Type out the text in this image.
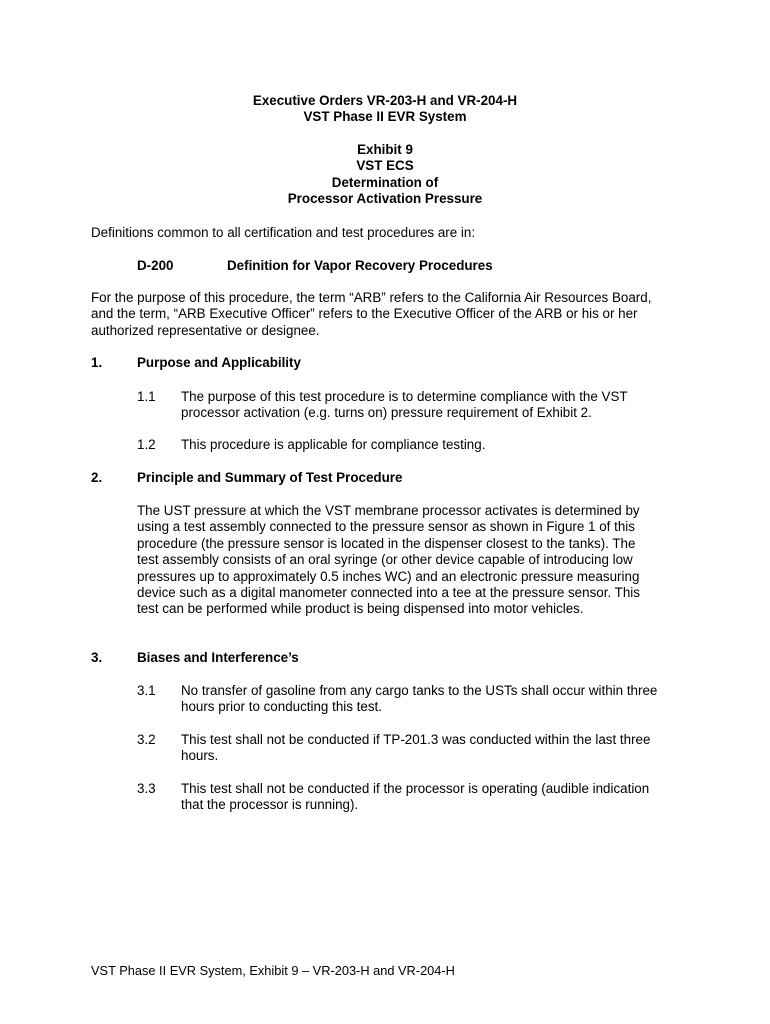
Executive Orders VR-203-H and VR-204-H
VST Phase II EVR System
Exhibit 9
VST ECS
Determination of
Processor Activation Pressure
Definitions common to all certification and test procedures are in:
D-200	Definition for Vapor Recovery Procedures
For the purpose of this procedure, the term “ARB” refers to the California Air Resources Board,
and the term, “ARB Executive Officer” refers to the Executive Officer of the ARB or his or her
authorized representative or designee.
1.	Purpose and Applicability
1.1 The purpose of this test procedure is to determine compliance with the VST
processor activation (e.g. turns on) pressure requirement of Exhibit 2.
1.2 This procedure is applicable for compliance testing.
2.	Principle and Summary of Test Procedure
The UST pressure at which the VST membrane processor activates is determined by
using a test assembly connected to the pressure sensor as shown in Figure 1 of this
procedure (the pressure sensor is located in the dispenser closest to the tanks). The
test assembly consists of an oral syringe (or other device capable of introducing low
pressures up to approximately 0.5 inches WC) and an electronic pressure measuring
device such as a digital manometer connected into a tee at the pressure sensor. This
test can be performed while product is being dispensed into motor vehicles.
3.	Biases and Interference’s
3.1 No transfer of gasoline from any cargo tanks to the USTs shall occur within three
hours prior to conducting this test.
3.2 This test shall not be conducted if TP-201.3 was conducted within the last three
hours.
3.3 This test shall not be conducted if the processor is operating (audible indication
that the processor is running).
VST Phase II EVR System, Exhibit 9 – VR-203-H and VR-204-H
